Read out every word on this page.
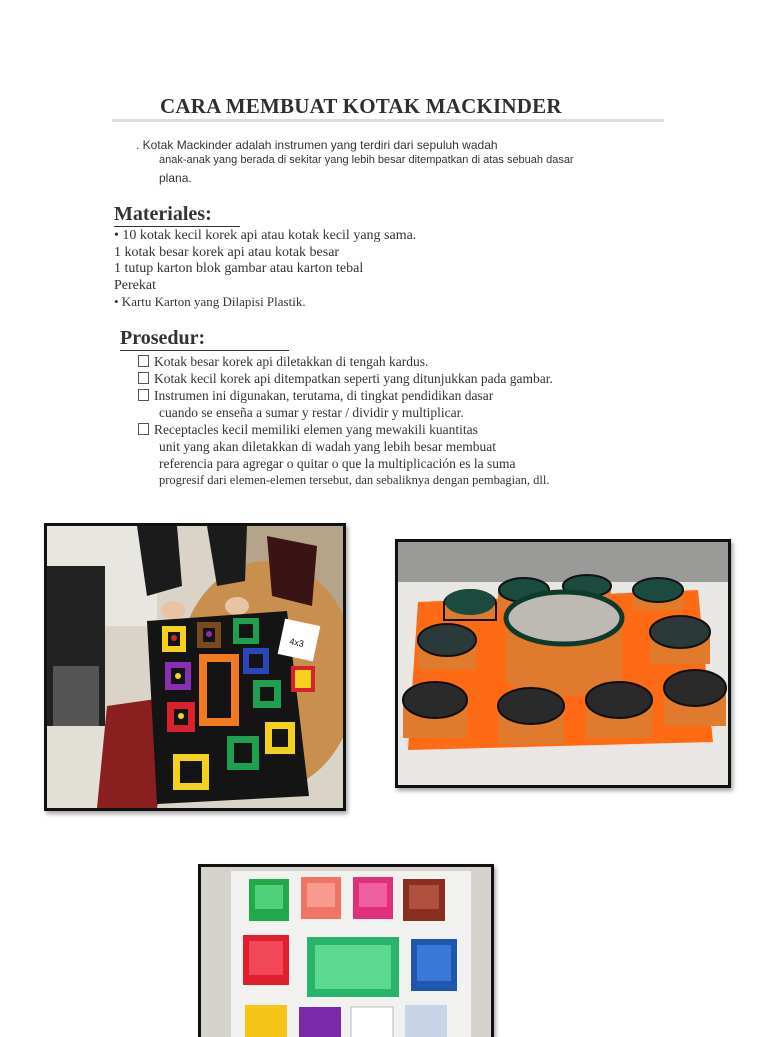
CARA MEMBUAT KOTAK MACKINDER
. Kotak Mackinder adalah instrumen yang terdiri dari sepuluh wadah
anak-anak yang berada di sekitar yang lebih besar ditempatkan di atas sebuah dasar
plana.
Materiales:
• 10 kotak kecil korek api atau kotak kecil yang sama.
1 kotak besar korek api atau kotak besar
1 tutup karton blok gambar atau karton tebal
Perekat
• Kartu Karton yang Dilapisi Plastik.
Prosedur:
Kotak besar korek api diletakkan di tengah kardus.
Kotak kecil korek api ditempatkan seperti yang ditunjukkan pada gambar.
Instrumen ini digunakan, terutama, di tingkat pendidikan dasar
cuando se enseña a sumar y restar / dividir y multiplicar.
Receptacles kecil memiliki elemen yang mewakili kuantitas
unit yang akan diletakkan di wadah yang lebih besar membuat
referencia para agregar o quitar o que la multiplicación es la suma
progresif dari elemen-elemen tersebut, dan sebaliknya dengan pembagian, dll.
4x3
